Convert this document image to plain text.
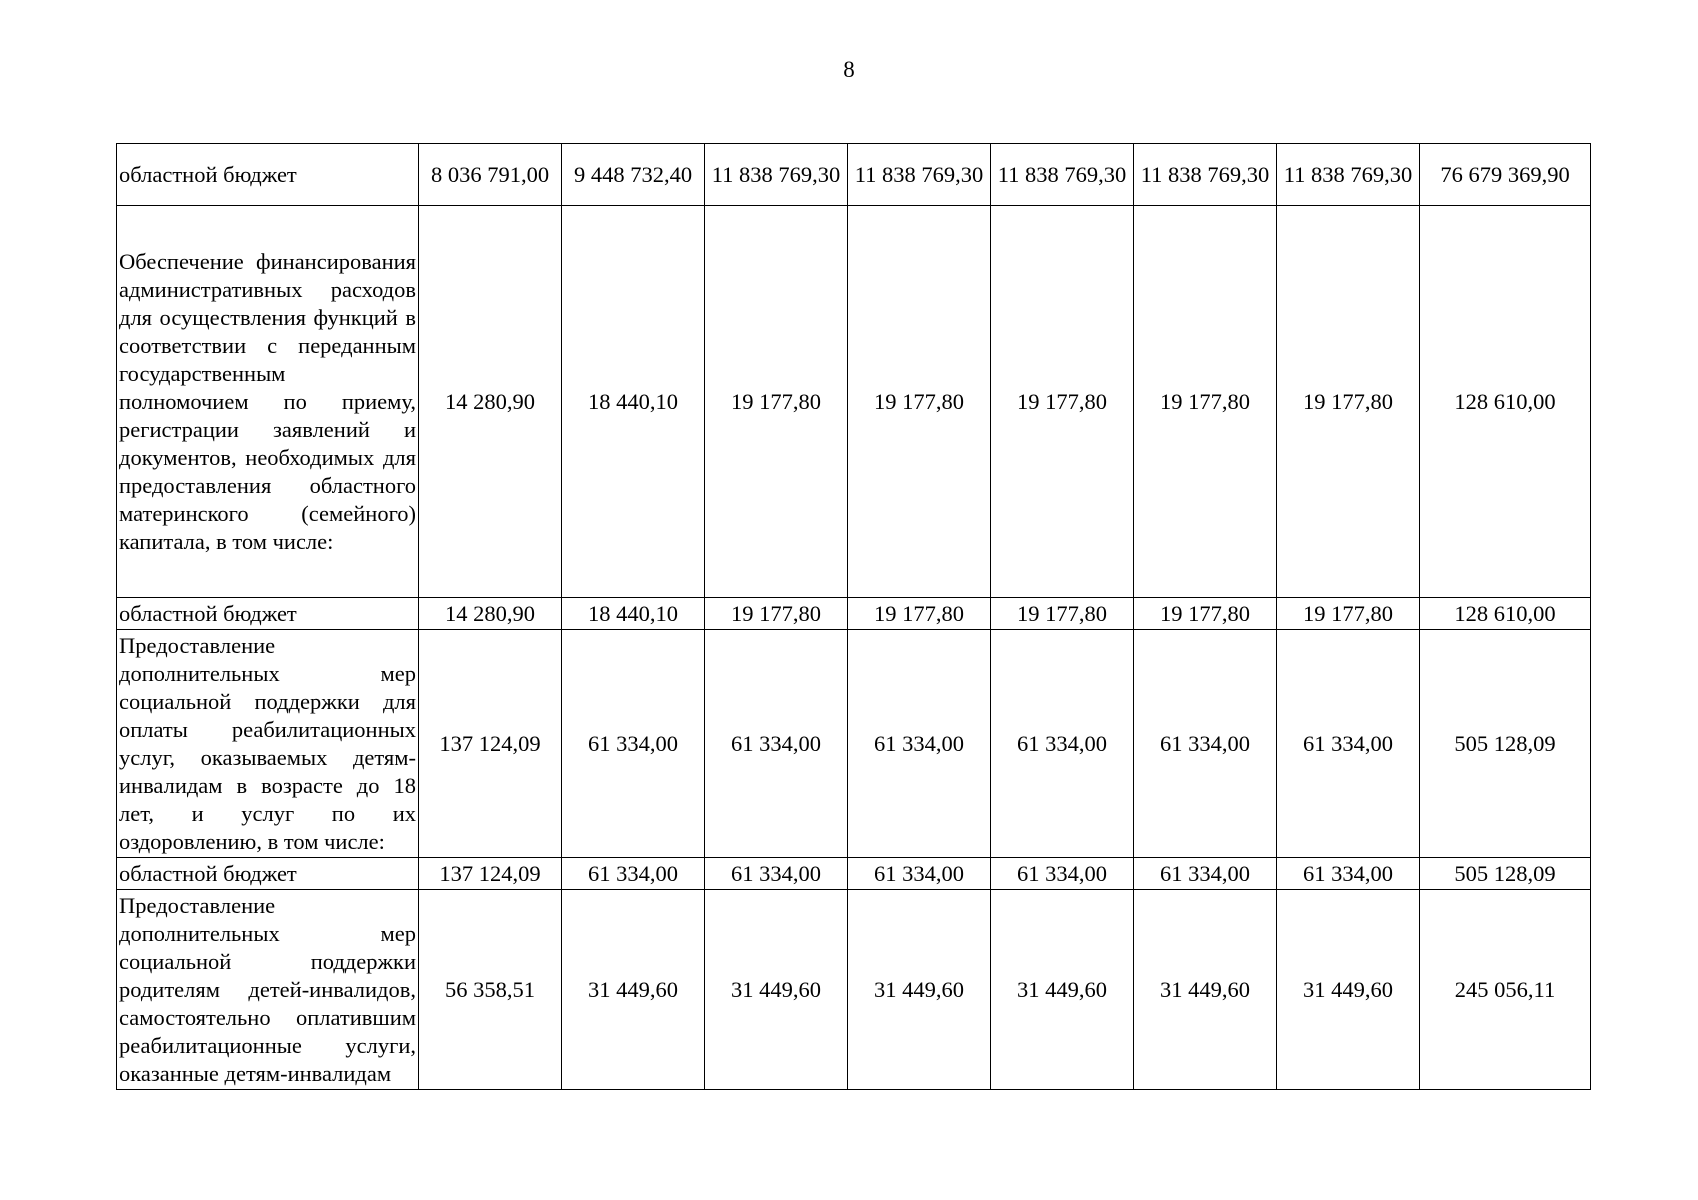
8
областной бюджет	8 036 791,00	9 448 732,40	11 838 769,30	11 838 769,30	11 838 769,30	11 838 769,30	11 838 769,30	76 679 369,90
Обеспечение финансирования административных расходов для осуществления функций в соответствии с переданным государственным полномочием по приему, регистрации заявлений и документов, необходимых для предоставления областного материнского (семейного) капитала, в том числе:	14 280,90	18 440,10	19 177,80	19 177,80	19 177,80	19 177,80	19 177,80	128 610,00
областной бюджет	14 280,90	18 440,10	19 177,80	19 177,80	19 177,80	19 177,80	19 177,80	128 610,00
Предоставление дополнительных мер социальной поддержки для оплаты реабилитационных услуг, оказываемых детям-инвалидам в возрасте до 18 лет, и услуг по их оздоровлению, в том числе:	137 124,09	61 334,00	61 334,00	61 334,00	61 334,00	61 334,00	61 334,00	505 128,09
областной бюджет	137 124,09	61 334,00	61 334,00	61 334,00	61 334,00	61 334,00	61 334,00	505 128,09
Предоставление дополнительных мер социальной поддержки родителям детей-инвалидов, самостоятельно оплатившим реабилитационные услуги, оказанные детям-инвалидам	56 358,51	31 449,60	31 449,60	31 449,60	31 449,60	31 449,60	31 449,60	245 056,11
